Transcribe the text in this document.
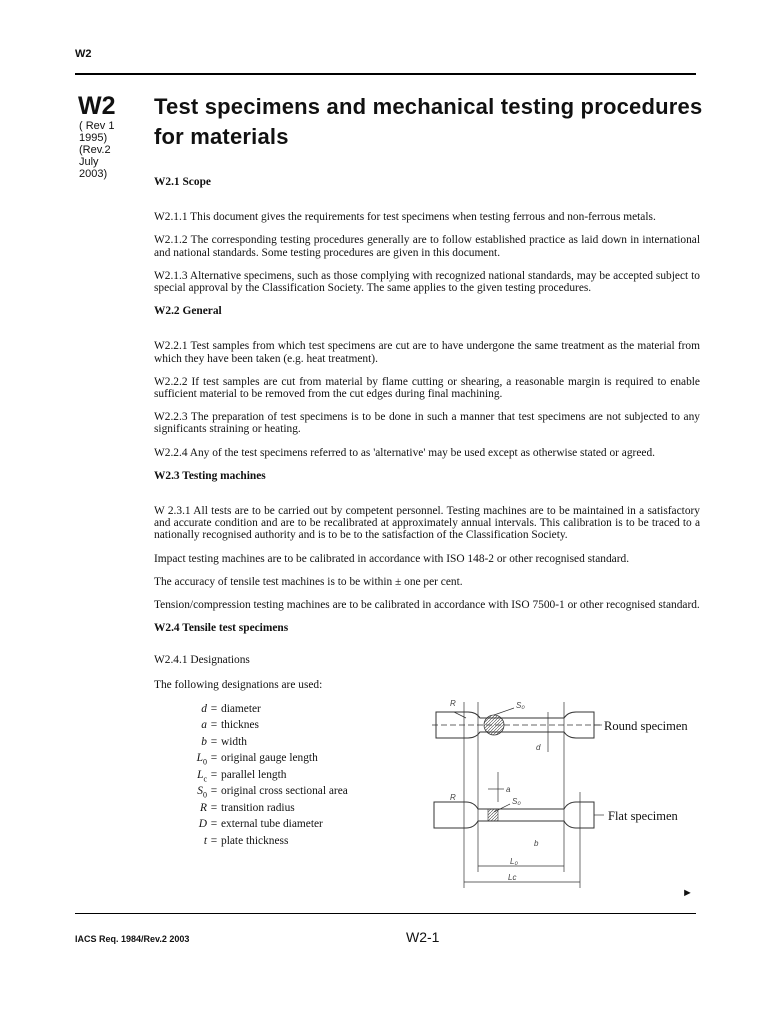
W2
W2
( Rev 1 1995) (Rev.2 July 2003)
Test specimens and mechanical testing procedures for materials
W2.1 Scope

W2.1.1 This document gives the requirements for test specimens when testing ferrous and non-ferrous metals.

W2.1.2 The corresponding testing procedures generally are to follow established practice as laid down in international and national standards. Some testing procedures are given in this document.

W2.1.3 Alternative specimens, such as those complying with recognized national standards, may be accepted subject to special approval by the Classification Society. The same applies to the given testing procedures.

W2.2 General

W2.2.1 Test samples from which test specimens are cut are to have undergone the same treatment as the material from which they have been taken (e.g. heat treatment).

W2.2.2 If test samples are cut from material by flame cutting or shearing, a reasonable margin is required to enable sufficient material to be removed from the cut edges during final machining.

W2.2.3 The preparation of test specimens is to be done in such a manner that test specimens are not subjected to any significants straining or heating.

W2.2.4 Any of the test specimens referred to as 'alternative' may be used except as otherwise stated or agreed.

W2.3 Testing machines

W 2.3.1 All tests are to be carried out by competent personnel. Testing machines are to be maintained in a satisfactory and accurate condition and are to be recalibrated at approximately annual intervals. This calibration is to be traced to a nationally recognised authority and is to be to the satisfaction of the Classification Society.

Impact testing machines are to be calibrated in accordance with ISO 148-2 or other recognised standard.

The accuracy of tensile test machines is to be within ± one per cent.

Tension/compression testing machines are to be calibrated in accordance with ISO 7500-1 or other recognised standard.

W2.4 Tensile test specimens

W2.4.1 Designations

The following designations are used:

d = diameter
a = thicknes
b = width
$L_0$ = original gauge length
$L_c$ = parallel length
$S_0$ = original cross sectional area
R = transition radius
D = external tube diameter
t = plate thickness
R	S₀
d
a
R	S₀
b
L₀
Lc
Round specimen
Flat specimen
►
IACS Req. 1984/Rev.2 2003	W2-1
